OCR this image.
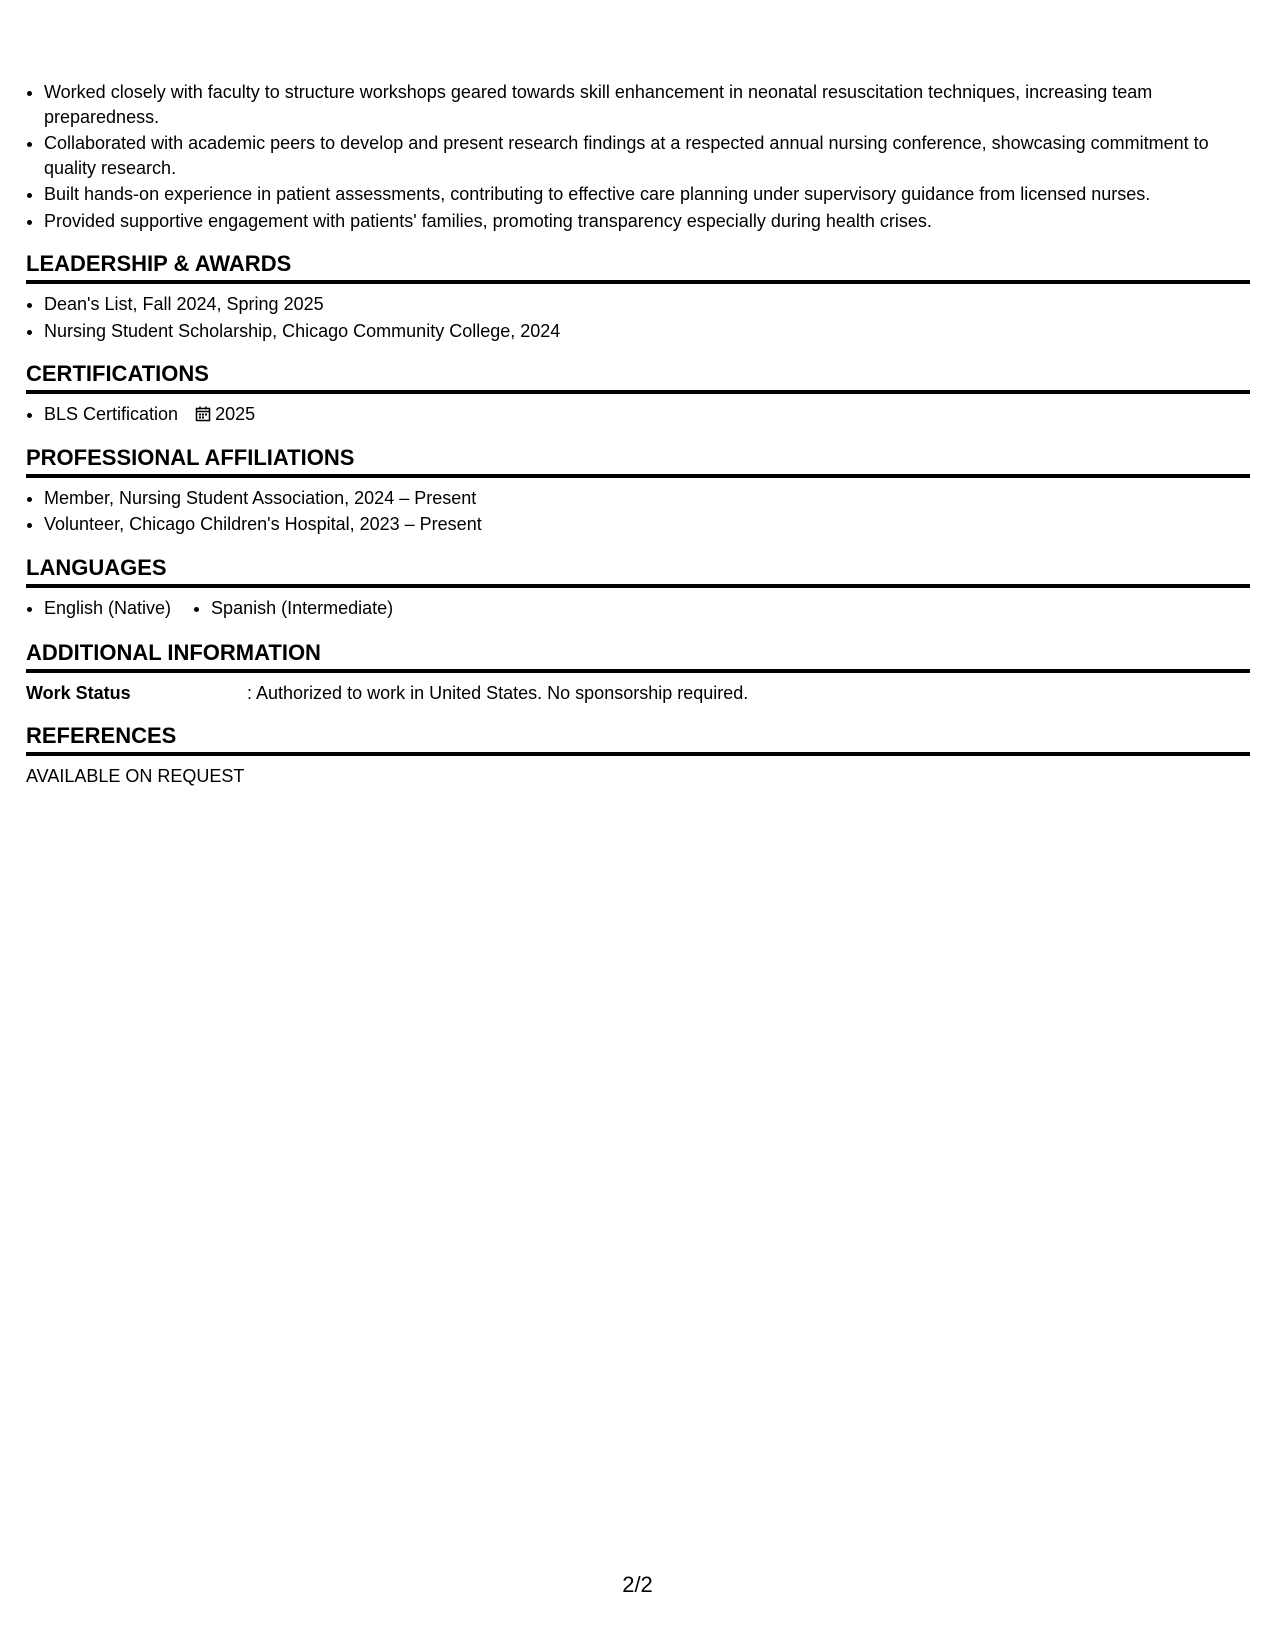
• Worked closely with faculty to structure workshops geared towards skill enhancement in neonatal resuscitation techniques, increasing team preparedness.
• Collaborated with academic peers to develop and present research findings at a respected annual nursing conference, showcasing commitment to quality research.
• Built hands-on experience in patient assessments, contributing to effective care planning under supervisory guidance from licensed nurses.
• Provided supportive engagement with patients' families, promoting transparency especially during health crises.
LEADERSHIP & AWARDS
• Dean's List, Fall 2024, Spring 2025
• Nursing Student Scholarship, Chicago Community College, 2024
CERTIFICATIONS
• BLS Certification 2025
PROFESSIONAL AFFILIATIONS
• Member, Nursing Student Association, 2024 – Present
• Volunteer, Chicago Children's Hospital, 2023 – Present
LANGUAGES
• English (Native)
• Spanish (Intermediate)
ADDITIONAL INFORMATION
Work Status	: Authorized to work in United States. No sponsorship required.
REFERENCES
AVAILABLE ON REQUEST
2/2
